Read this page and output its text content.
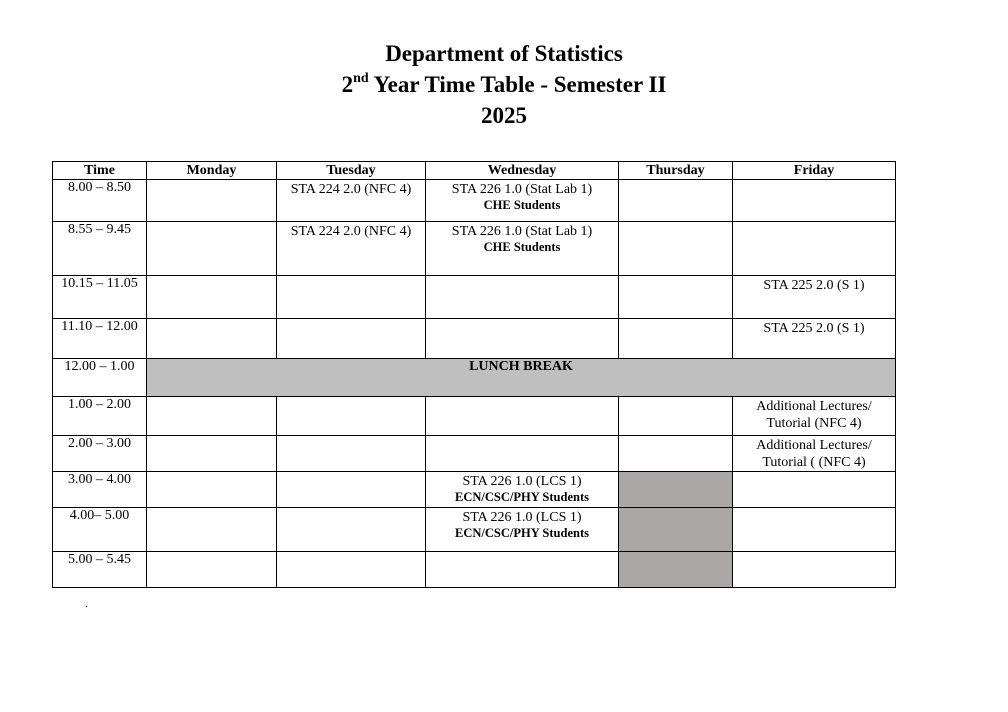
Department of Statistics
2nd Year Time Table - Semester II
2025
Time	Monday	Tuesday	Wednesday	Thursday	Friday
8.00 – 8.50		STA 224 2.0 (NFC 4)	STA 226 1.0 (Stat Lab 1)
CHE Students		

8.55 – 9.45		STA 224 2.0 (NFC 4)	STA 226 1.0 (Stat Lab 1)
CHE Students		

10.15 – 11.05					STA 225 2.0 (S 1)

11.10 – 12.00					STA 225 2.0 (S 1)

12.00 – 1.00	LUNCH BREAK				
1.00 – 2.00					Additional Lectures/ Tutorial (NFC 4)

2.00 – 3.00					Additional Lectures/ Tutorial ( (NFC 4)

3.00 – 4.00			STA 226 1.0 (LCS 1)
ECN/CSC/PHY Students		

4.00– 5.00			STA 226 1.0 (LCS 1)
ECN/CSC/PHY Students		

5.00 – 5.45					
.
